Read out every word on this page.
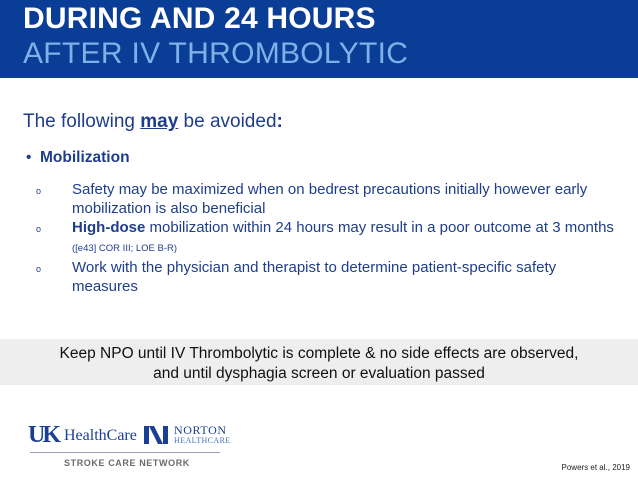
DURING AND 24 HOURS
AFTER IV THROMBOLYTIC
The following may be avoided:
• Mobilization
o Safety may be maximized when on bedrest precautions initially however early mobilization is also beneficial
o High-dose mobilization within 24 hours may result in a poor outcome at 3 months ([e43] COR III; LOE B-R)
o Work with the physician and therapist to determine patient-specific safety measures
Keep NPO until IV Thrombolytic is complete & no side effects are observed,
and until dysphagia screen or evaluation passed
UK HealthCare	NORTON
HEALTHCARE
STROKE CARE NETWORK	Powers et al., 2019
